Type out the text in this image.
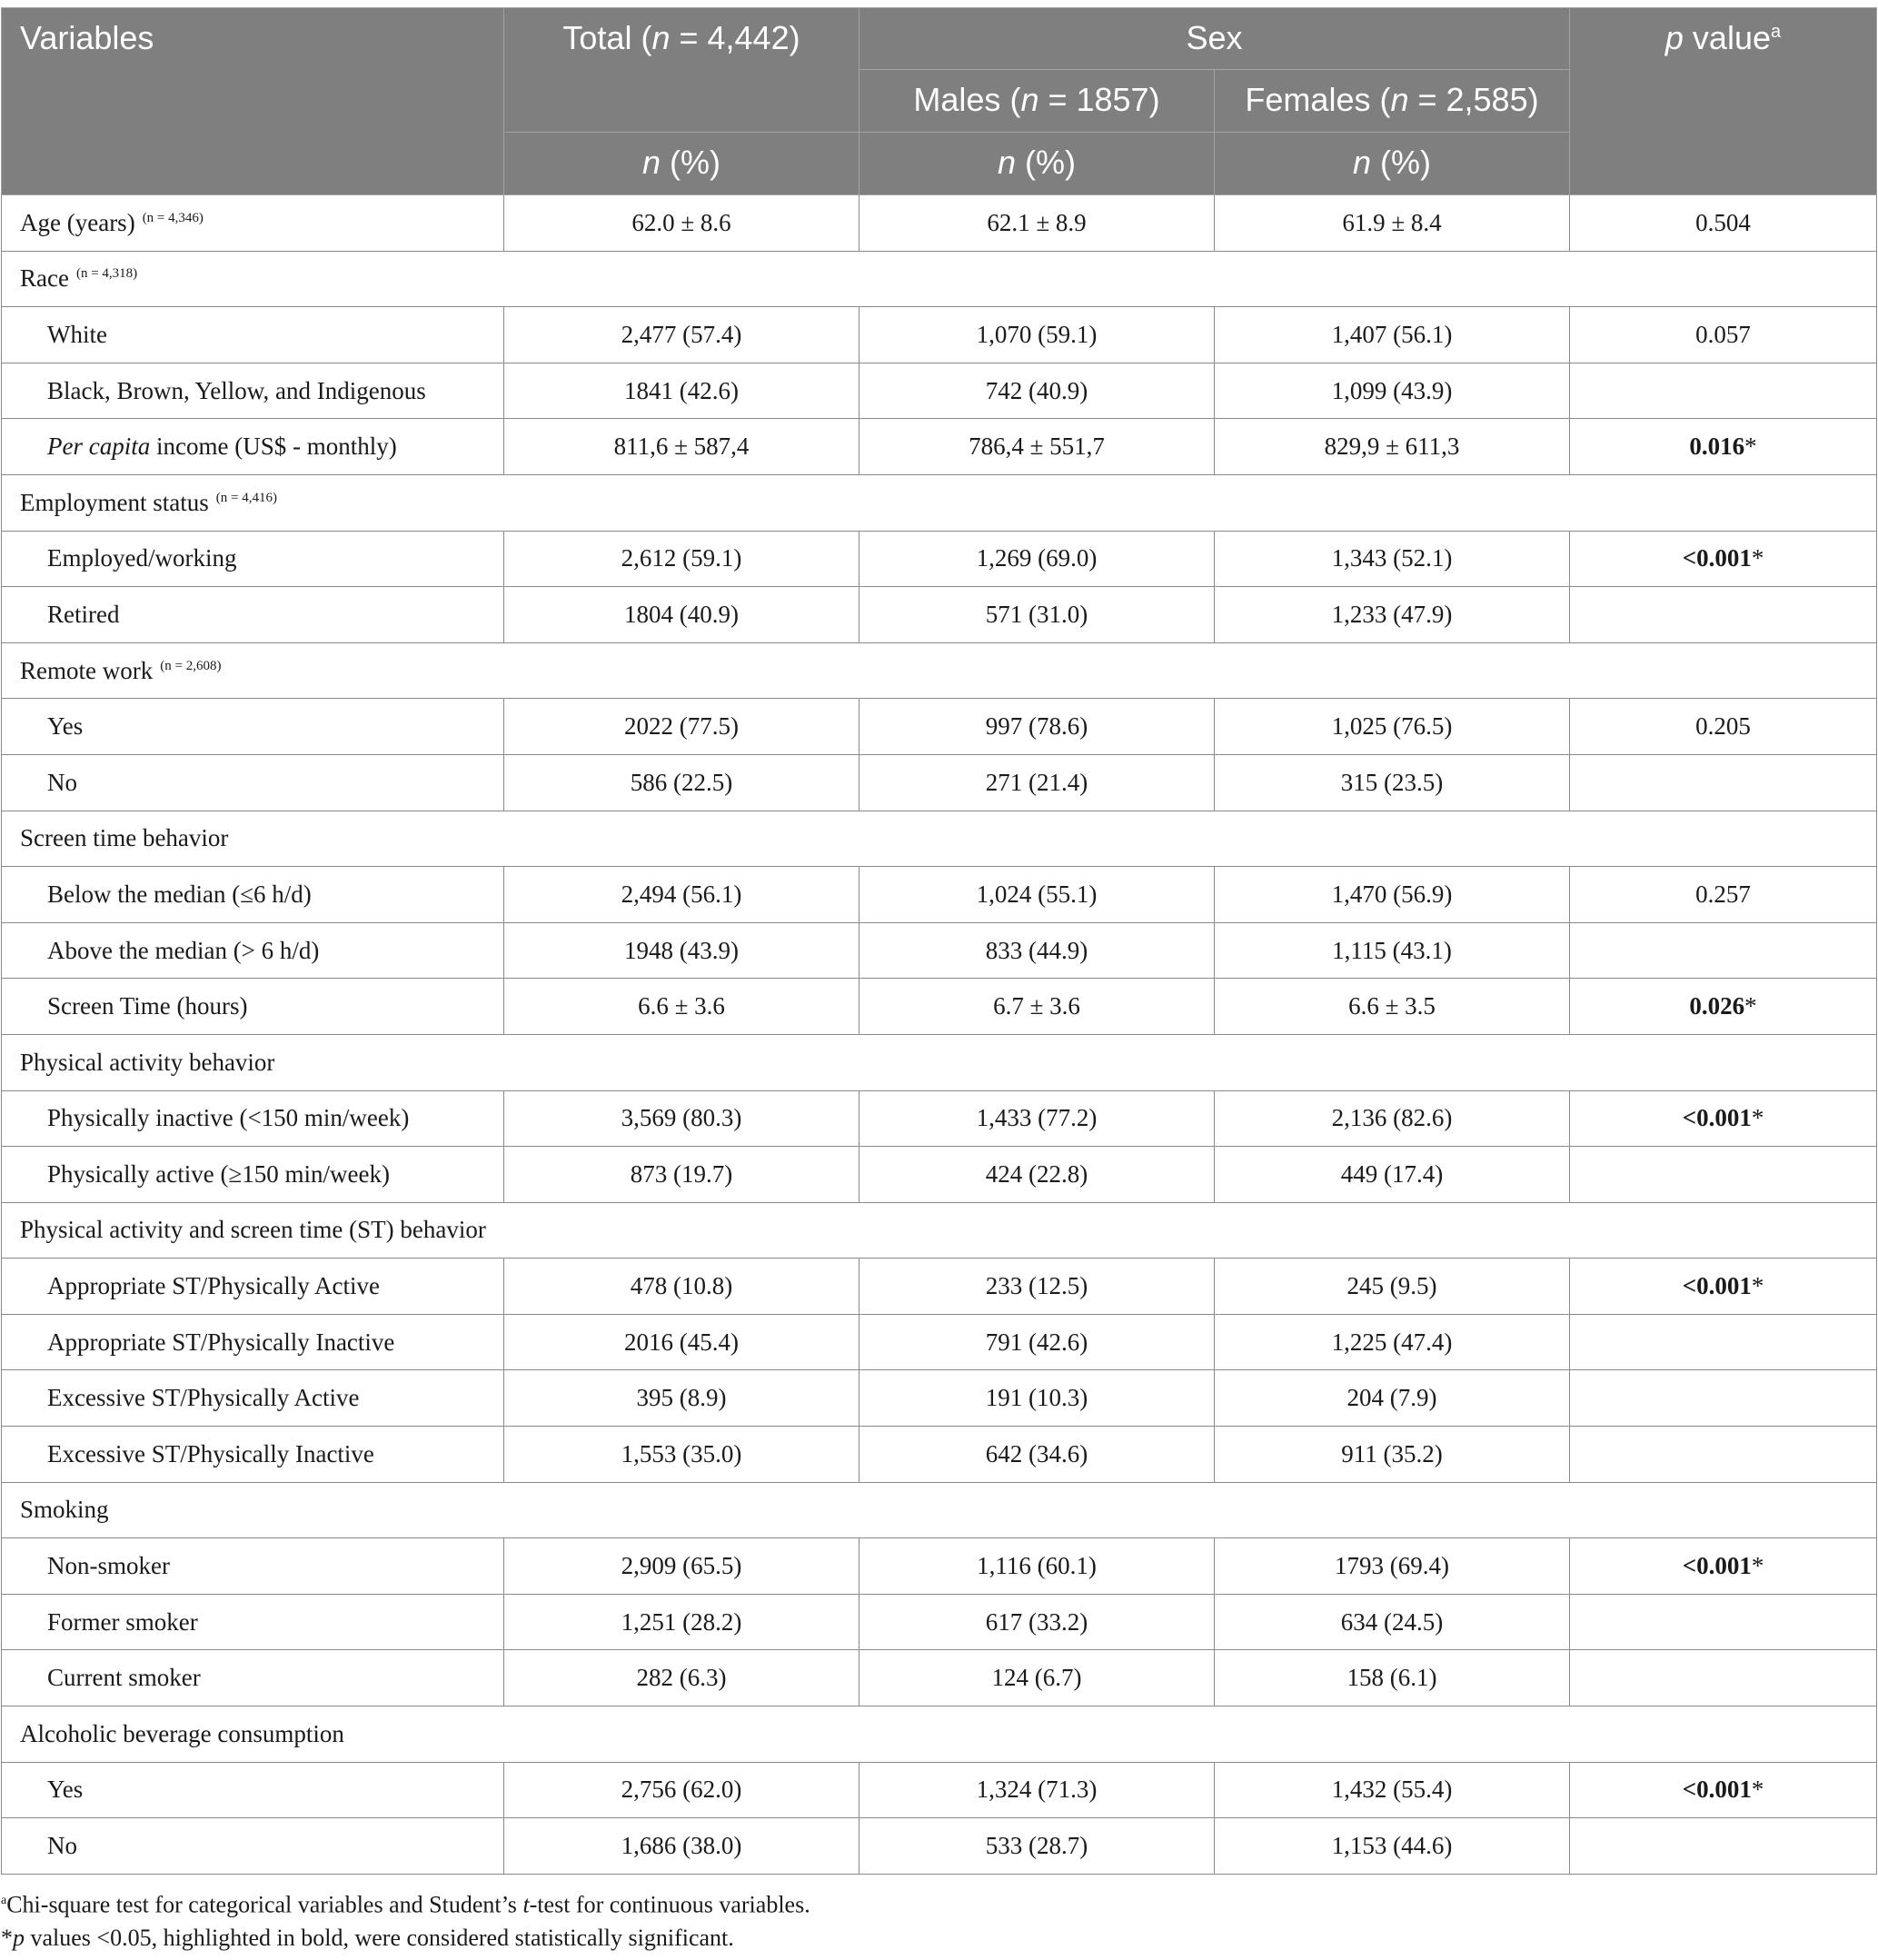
Variables	Total (n = 4,442)	Sex		p value$^a$

		Males (n = 1857)	Females (n = 2,585)	

	n (%)	n (%)	n (%)	

Age (years) $^{(n = 4,346)}$	62.0 ± 8.6	62.1 ± 8.9	61.9 ± 8.4	0.504
Race $^{(n = 4,318)}$
White	2,477 (57.4)	1,070 (59.1)	1,407 (56.1)	0.057
Black, Brown, Yellow, and Indigenous	1841 (42.6)	742 (40.9)	1,099 (43.9)	
Per capita income (US$ - monthly)	811,6 ± 587,4	786,4 ± 551,7	829,9 ± 611,3	0.016*
Employment status $^{(n = 4,416)}$
Employed/working	2,612 (59.1)	1,269 (69.0)	1,343 (52.1)	<0.001*
Retired	1804 (40.9)	571 (31.0)	1,233 (47.9)	
Remote work $^{(n = 2,608)}$
Yes	2022 (77.5)	997 (78.6)	1,025 (76.5)	0.205
No	586 (22.5)	271 (21.4)	315 (23.5)	
Screen time behavior				
Below the median (≤6 h/d)	2,494 (56.1)	1,024 (55.1)	1,470 (56.9)	0.257
Above the median (> 6 h/d)	1948 (43.9)	833 (44.9)	1,115 (43.1)	
Screen Time (hours)	6.6 ± 3.6	6.7 ± 3.6	6.6 ± 3.5	0.026*
Physical activity behavior				
Physically inactive (<150 min/week)	3,569 (80.3)	1,433 (77.2)	2,136 (82.6)	<0.001*
Physically active (≥150 min/week)	873 (19.7)	424 (22.8)	449 (17.4)	
Physical activity and screen time (ST) behavior				
Appropriate ST/Physically Active	478 (10.8)	233 (12.5)	245 (9.5)	<0.001*
Appropriate ST/Physically Inactive	2016 (45.4)	791 (42.6)	1,225 (47.4)	
Excessive ST/Physically Active	395 (8.9)	191 (10.3)	204 (7.9)	
Excessive ST/Physically Inactive	1,553 (35.0)	642 (34.6)	911 (35.2)	
Smoking				
Non-smoker	2,909 (65.5)	1,116 (60.1)	1793 (69.4)	<0.001*
Former smoker	1,251 (28.2)	617 (33.2)	634 (24.5)	
Current smoker	282 (6.3)	124 (6.7)	158 (6.1)	
Alcoholic beverage consumption				
Yes	2,756 (62.0)	1,324 (71.3)	1,432 (55.4)	<0.001*
No	1,686 (38.0)	533 (28.7)	1,153 (44.6)	
$^a$Chi-square test for categorical variables and Student’s t-test for continuous variables.
*p values <0.05, highlighted in bold, were considered statistically significant.
